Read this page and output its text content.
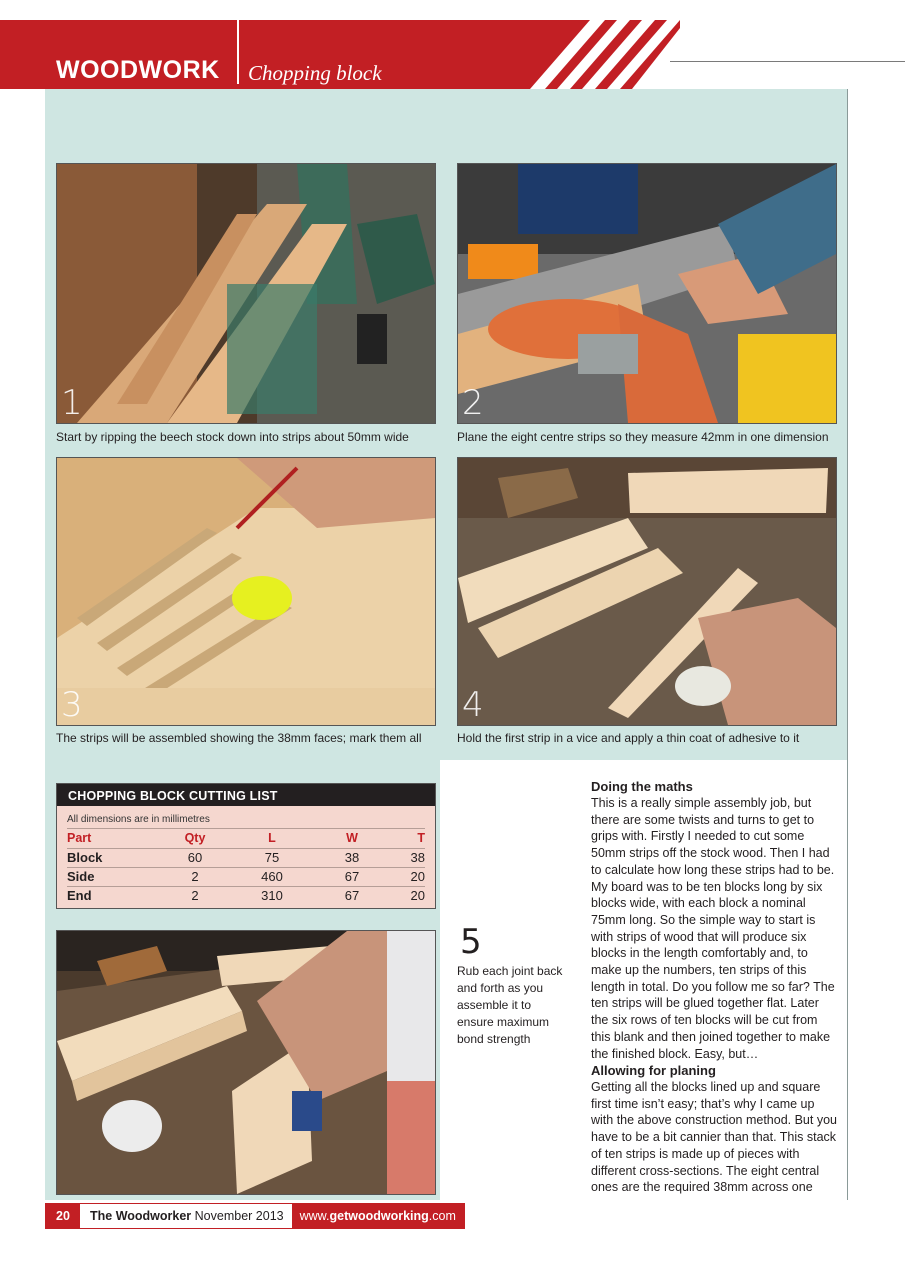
WOODWORK Chopping block
1
Start by ripping the beech stock down into strips about 50mm wide
2
Plane the eight centre strips so they measure 42mm in one dimension
3
The strips will be assembled showing the 38mm faces; mark them all
4
Hold the first strip in a vice and apply a thin coat of adhesive to it
CHOPPING BLOCK CUTTING LIST
All dimensions are in millimetres
Part	Qty	L	W	T
Block	60	75	38	38
Side	2	460	67	20
End	2	310	67	20
5
Rub each joint back and forth as you assemble it to ensure maximum bond strength
Doing the maths
This is a really simple assembly job, but there are some twists and turns to get to grips with. Firstly I needed to cut some 50mm strips off the stock wood. Then I had to calculate how long these strips had to be. My board was to be ten blocks long by six blocks wide, with each block a nominal 75mm long. So the simple way to start is with strips of wood that will produce six blocks in the length comfortably and, to make up the numbers, ten strips of this length in total. Do you follow me so far? The ten strips will be glued together flat. Later the six rows of ten blocks will be cut from this blank and then joined together to make the finished block. Easy, but…
Allowing for planing
Getting all the blocks lined up and square first time isn’t easy; that’s why I came up with the above construction method. But you have to be a bit cannier than that. This stack of ten strips is made up of pieces with different cross-sections. The eight central ones are the required 38mm across one
20	The Woodworker November 2013	www.getwoodworking.com
